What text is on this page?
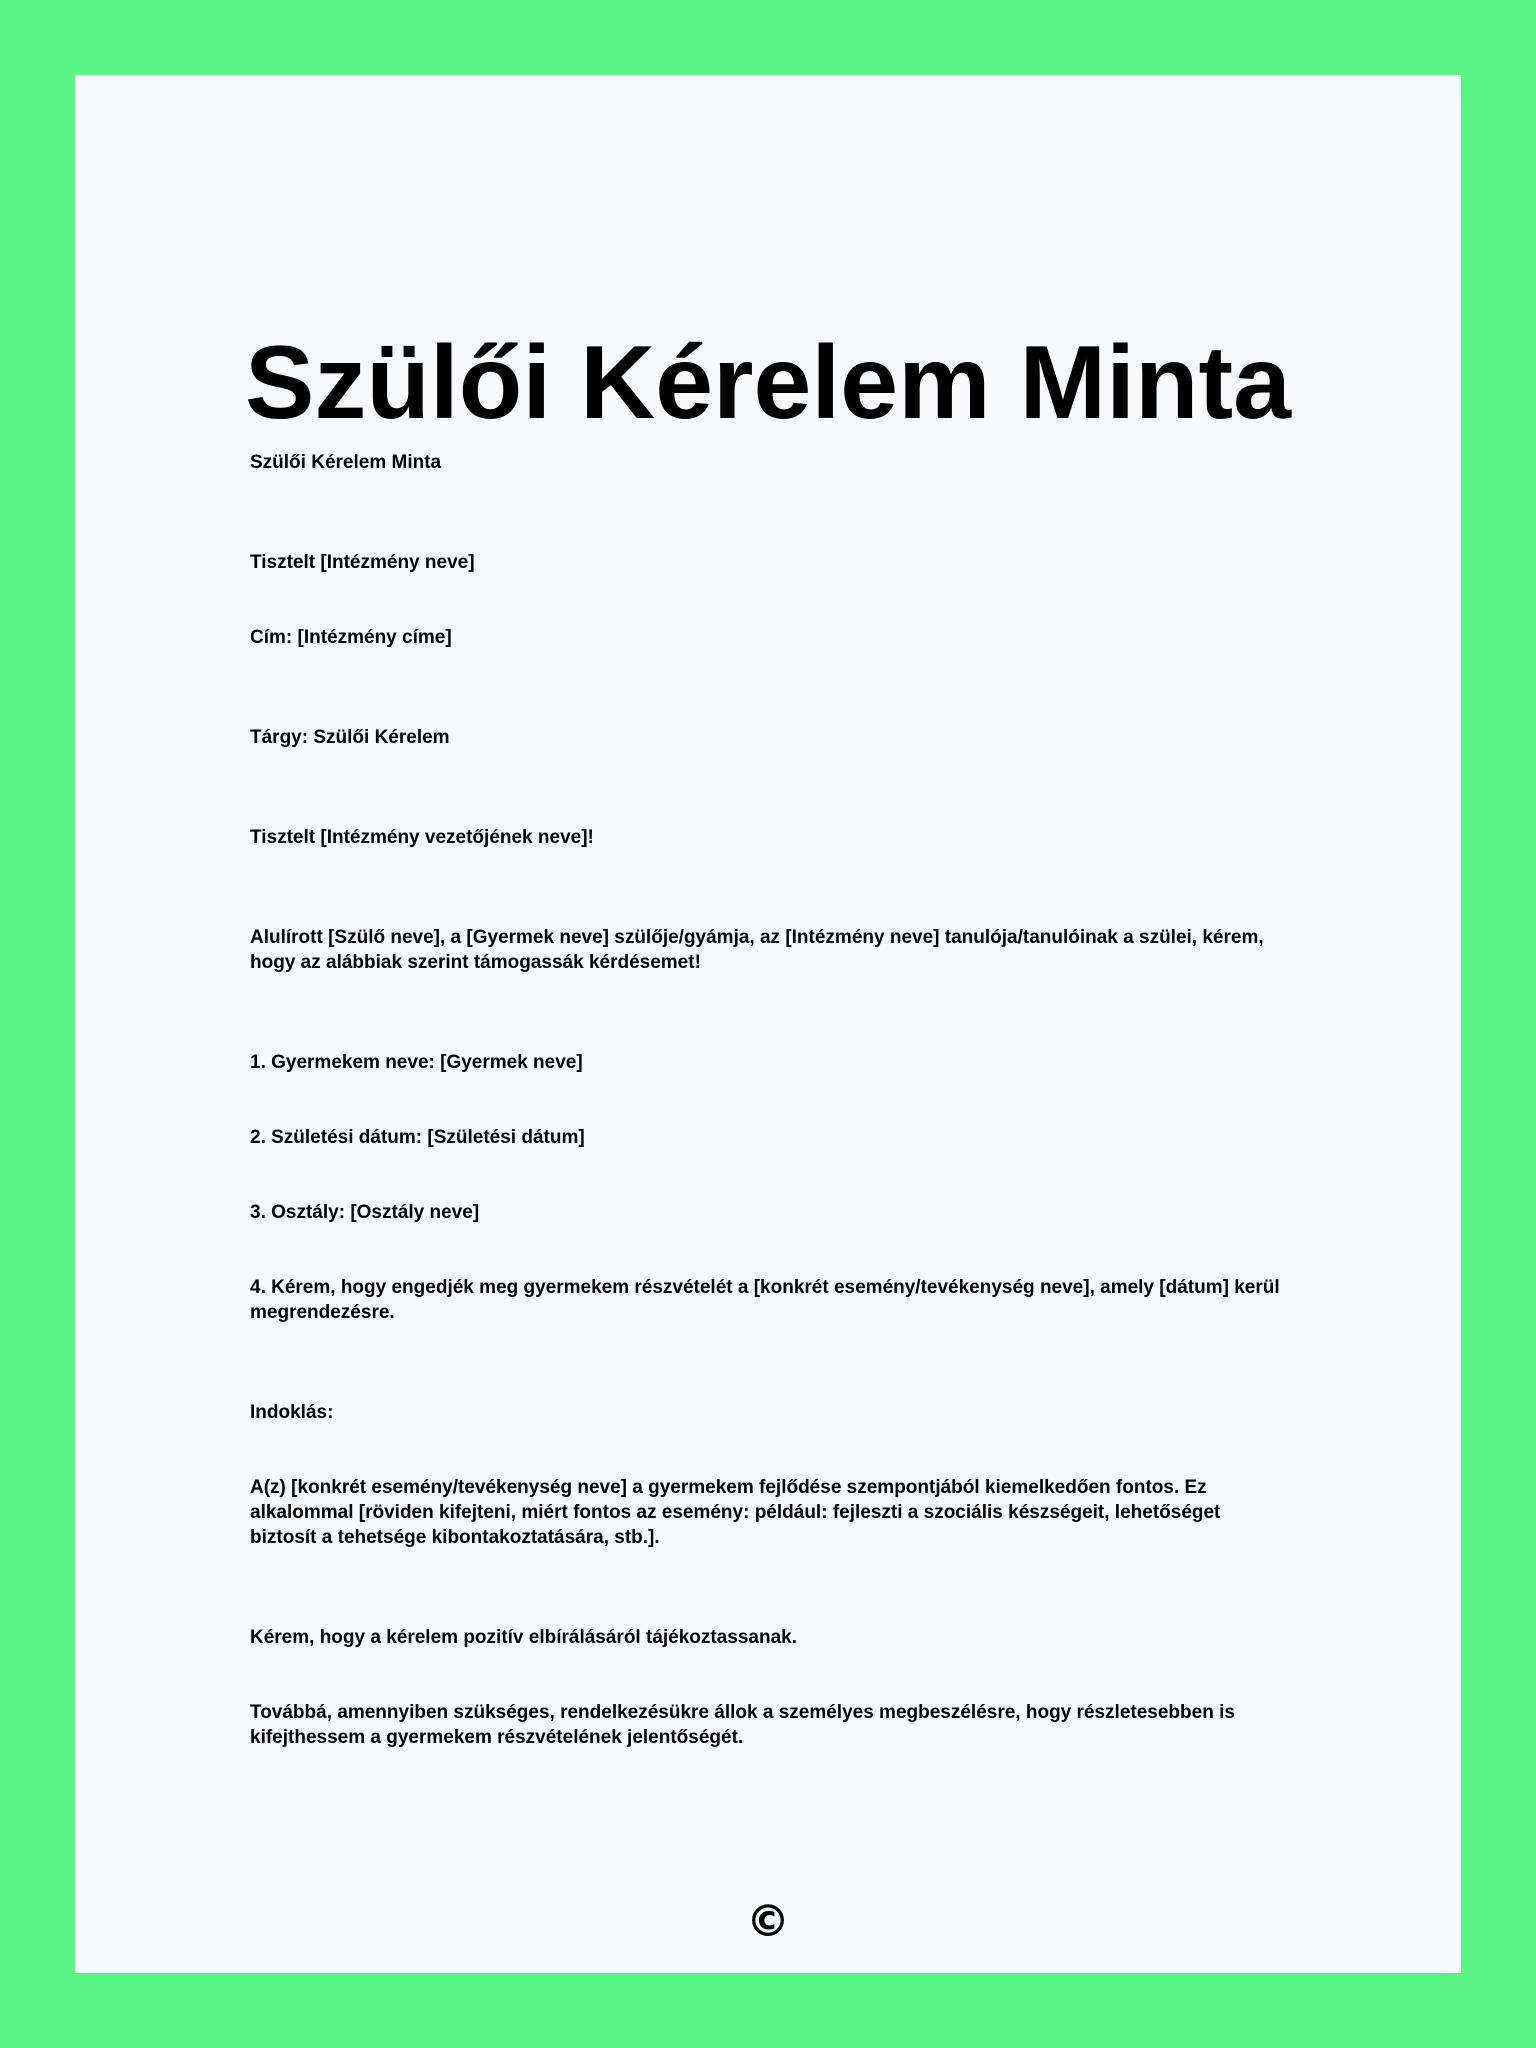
Szülői Kérelem Minta

Szülői Kérelem Minta

Tisztelt [Intézmény neve]

Cím: [Intézmény címe]

Tárgy: Szülői Kérelem

Tisztelt [Intézmény vezetőjének neve]!

Alulírott [Szülő neve], a [Gyermek neve] szülője/gyámja, az [Intézmény neve] tanulója/tanulóinak a szülei, kérem, hogy az alábbiak szerint támogassák kérdésemet!

1. Gyermekem neve: [Gyermek neve]

2. Születési dátum: [Születési dátum]

3. Osztály: [Osztály neve]

4. Kérem, hogy engedjék meg gyermekem részvételét a [konkrét esemény/tevékenység neve], amely [dátum] kerül megrendezésre.

Indoklás:

A(z) [konkrét esemény/tevékenység neve] a gyermekem fejlődése szempontjából kiemelkedően fontos. Ez alkalommal [röviden kifejteni, miért fontos az esemény: például: fejleszti a szociális készségeit, lehetőséget biztosít a tehetsége kibontakoztatására, stb.].

Kérem, hogy a kérelem pozitív elbírálásáról tájékoztassanak.

Továbbá, amennyiben szükséges, rendelkezésükre állok a személyes megbeszélésre, hogy részletesebben is kifejthessem a gyermekem részvételének jelentőségét.

©
